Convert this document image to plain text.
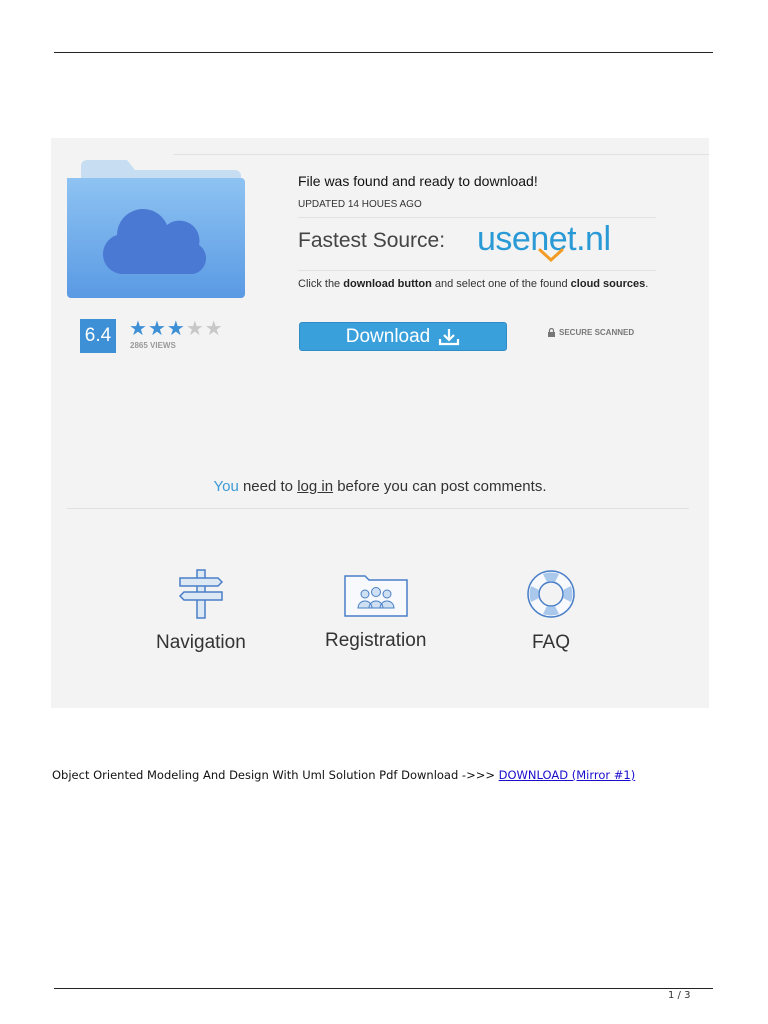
6.4 ★★★★★
2865 VIEWS
File was found and ready to download!
UPDATED 14 HOUES AGO
Fastest Source: usenet.nl
Click the download button and select one of the found cloud sources.
Download	SECURE SCANNED
You need to log in before you can post comments.
Navigation	Registration	FAQ
Object Oriented Modeling And Design With Uml Solution Pdf Download ->>> DOWNLOAD (Mirror #1)
1 / 3
